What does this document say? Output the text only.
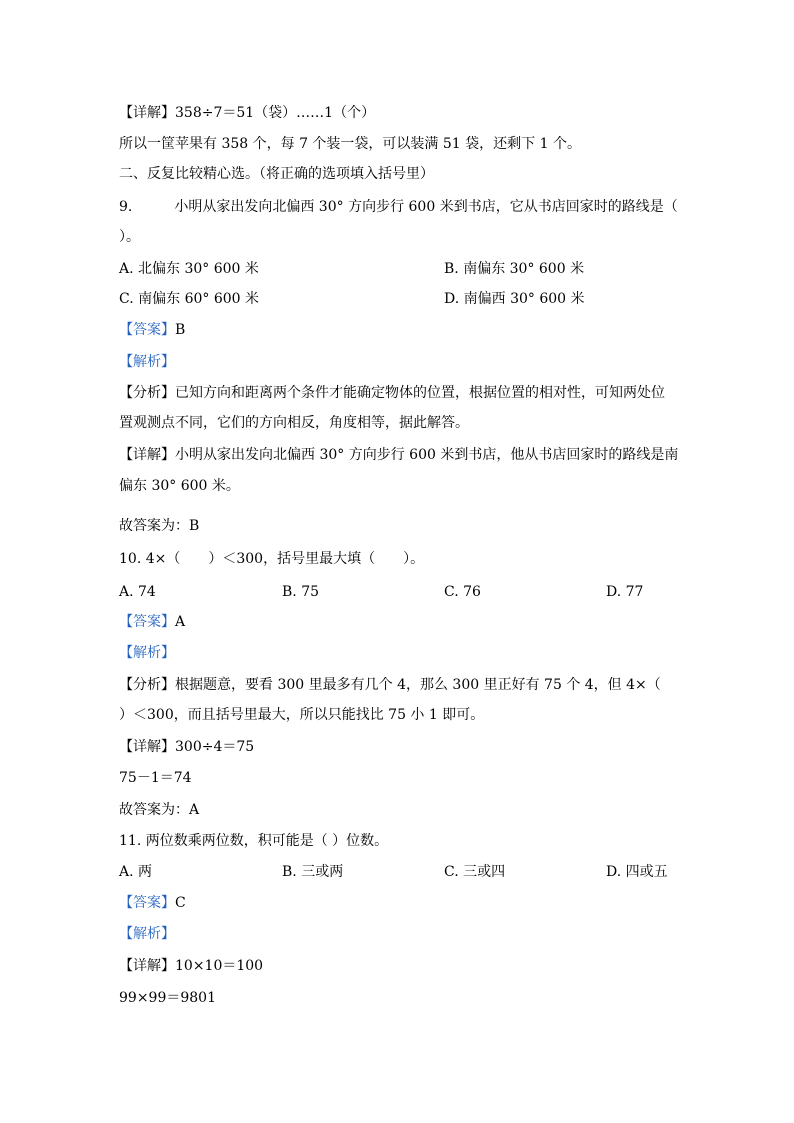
【详解】358÷7＝51（袋）……1（个）
所以一筐苹果有 358 个，每 7 个装一袋，可以装满 51 袋，还剩下 1 个。
二、反复比较精心选。（将正确的选项填入括号里）
9.　　　小明从家出发向北偏西 30° 方向步行 600 米到书店，它从书店回家时的路线是（
）。
A. 北偏东 30° 600 米	B. 南偏东 30° 600 米
C. 南偏东 60° 600 米	D. 南偏西 30° 600 米
【答案】B
【解析】
【分析】已知方向和距离两个条件才能确定物体的位置，根据位置的相对性，可知两处位
置观测点不同，它们的方向相反，角度相等，据此解答。
【详解】小明从家出发向北偏西 30° 方向步行 600 米到书店，他从书店回家时的路线是南
偏东 30° 600 米。
故答案为：B
10. 4×（　　）＜300，括号里最大填（　　）。
A. 74	B. 75	C. 76	D. 77
【答案】A
【解析】
【分析】根据题意，要看 300 里最多有几个 4，那么 300 里正好有 75 个 4，但 4×（
）＜300，而且括号里最大，所以只能找比 75 小 1 即可。
【详解】300÷4＝75
75－1＝74
故答案为：A
11. 两位数乘两位数，积可能是（ ）位数。
A. 两	B. 三或两	C. 三或四	D. 四或五
【答案】C
【解析】
【详解】10×10＝100
99×99＝9801
